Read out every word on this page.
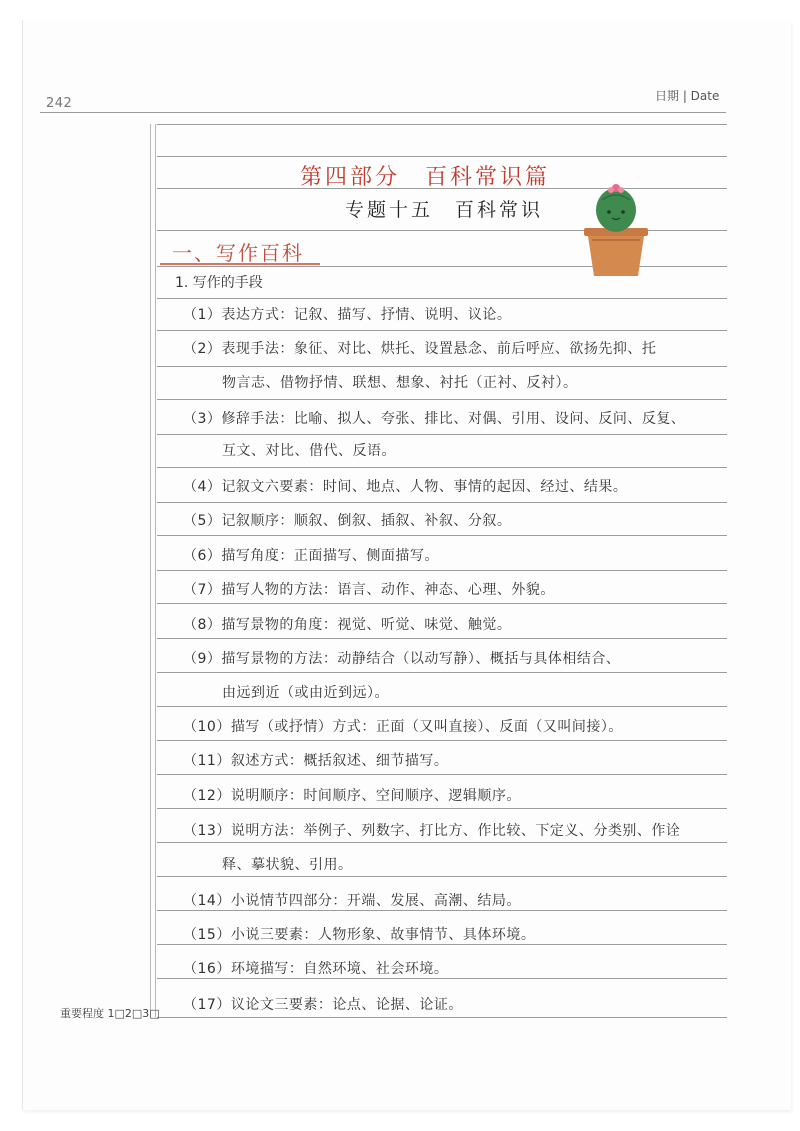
242	日期 | Date
第四部分　百科常识篇
专题十五　百科常识
一、写作百科
1. 写作的手段
（1）表达方式：记叙、描写、抒情、说明、议论。
（2）表现手法：象征、对比、烘托、设置悬念、前后呼应、欲扬先抑、托
物言志、借物抒情、联想、想象、衬托（正衬、反衬）。
（3）修辞手法：比喻、拟人、夸张、排比、对偶、引用、设问、反问、反复、
互文、对比、借代、反语。
（4）记叙文六要素：时间、地点、人物、事情的起因、经过、结果。
（5）记叙顺序：顺叙、倒叙、插叙、补叙、分叙。
（6）描写角度：正面描写、侧面描写。
（7）描写人物的方法：语言、动作、神态、心理、外貌。
（8）描写景物的角度：视觉、听觉、味觉、触觉。
（9）描写景物的方法：动静结合（以动写静）、概括与具体相结合、
由远到近（或由近到远）。
（10）描写（或抒情）方式：正面（又叫直接）、反面（又叫间接）。
（11）叙述方式：概括叙述、细节描写。
（12）说明顺序：时间顺序、空间顺序、逻辑顺序。
（13）说明方法：举例子、列数字、打比方、作比较、下定义、分类别、作诠
释、摹状貌、引用。
（14）小说情节四部分：开端、发展、高潮、结局。
（15）小说三要素：人物形象、故事情节、具体环境。
（16）环境描写：自然环境、社会环境。
（17）议论文三要素：论点、论据、论证。
重要程度 1□2□3□
